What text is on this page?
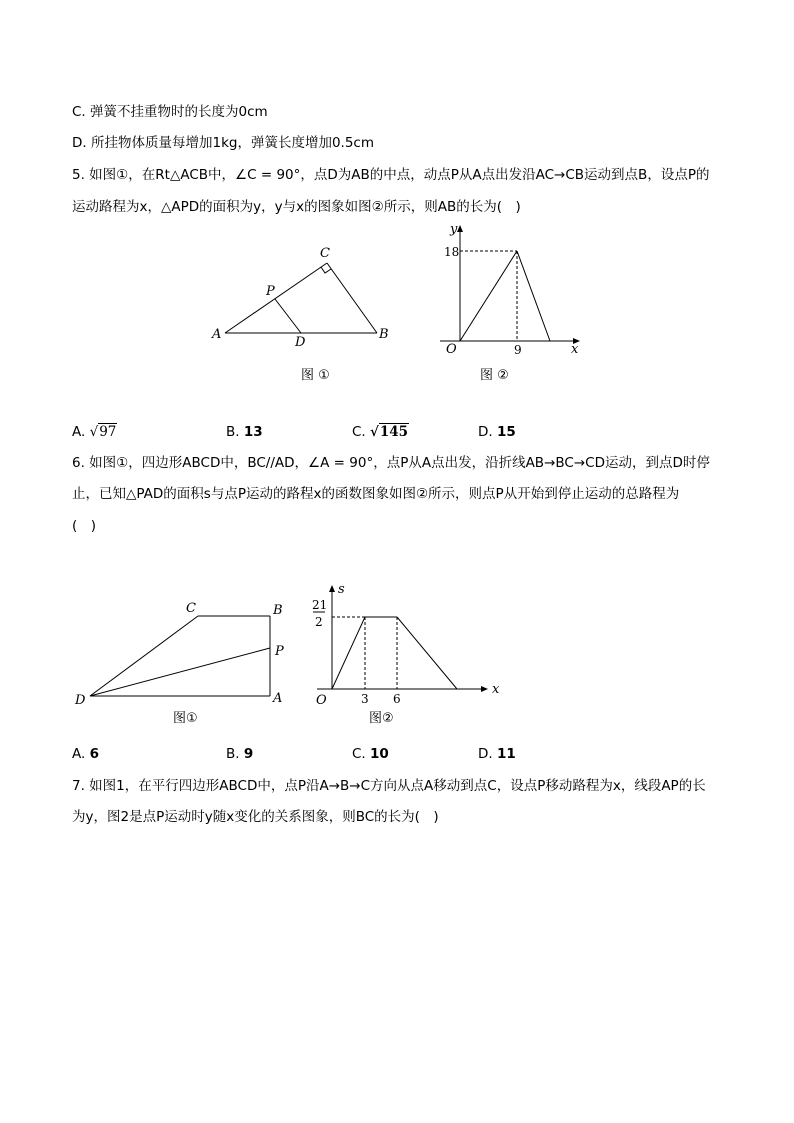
C. 弹簧不挂重物时的长度为0cm
D. 所挂物体质量每增加1kg，弹簧长度增加0.5cm
5. 如图①，在Rt△ACB中，∠C = 90°，点D为AB的中点，动点P从A点出发沿AC→CB运动到点B，设点P的
运动路程为x，△APD的面积为y，y与x的图象如图②所示，则AB的长为(　)
A	B
C
D
P
图 ①
y
x
O
18
9
图 ②
A. √97	B. 13	C. √145	D. 15
6. 如图①，四边形ABCD中，BC//AD，∠A = 90°，点P从A点出发，沿折线AB→BC→CD运动，到点D时停
止，已知△PAD的面积s与点P运动的路程x的函数图象如图②所示，则点P从开始到停止运动的总路程为
(　)
D	A
B
C
P
图①
s
x
O
21
2
3 6
图②
A. 6	B. 9	C. 10	D. 11
7. 如图1，在平行四边形ABCD中，点P沿A→B→C方向从点A移动到点C，设点P移动路程为x，线段AP的长
为y，图2是点P运动时y随x变化的关系图象，则BC的长为(　)
